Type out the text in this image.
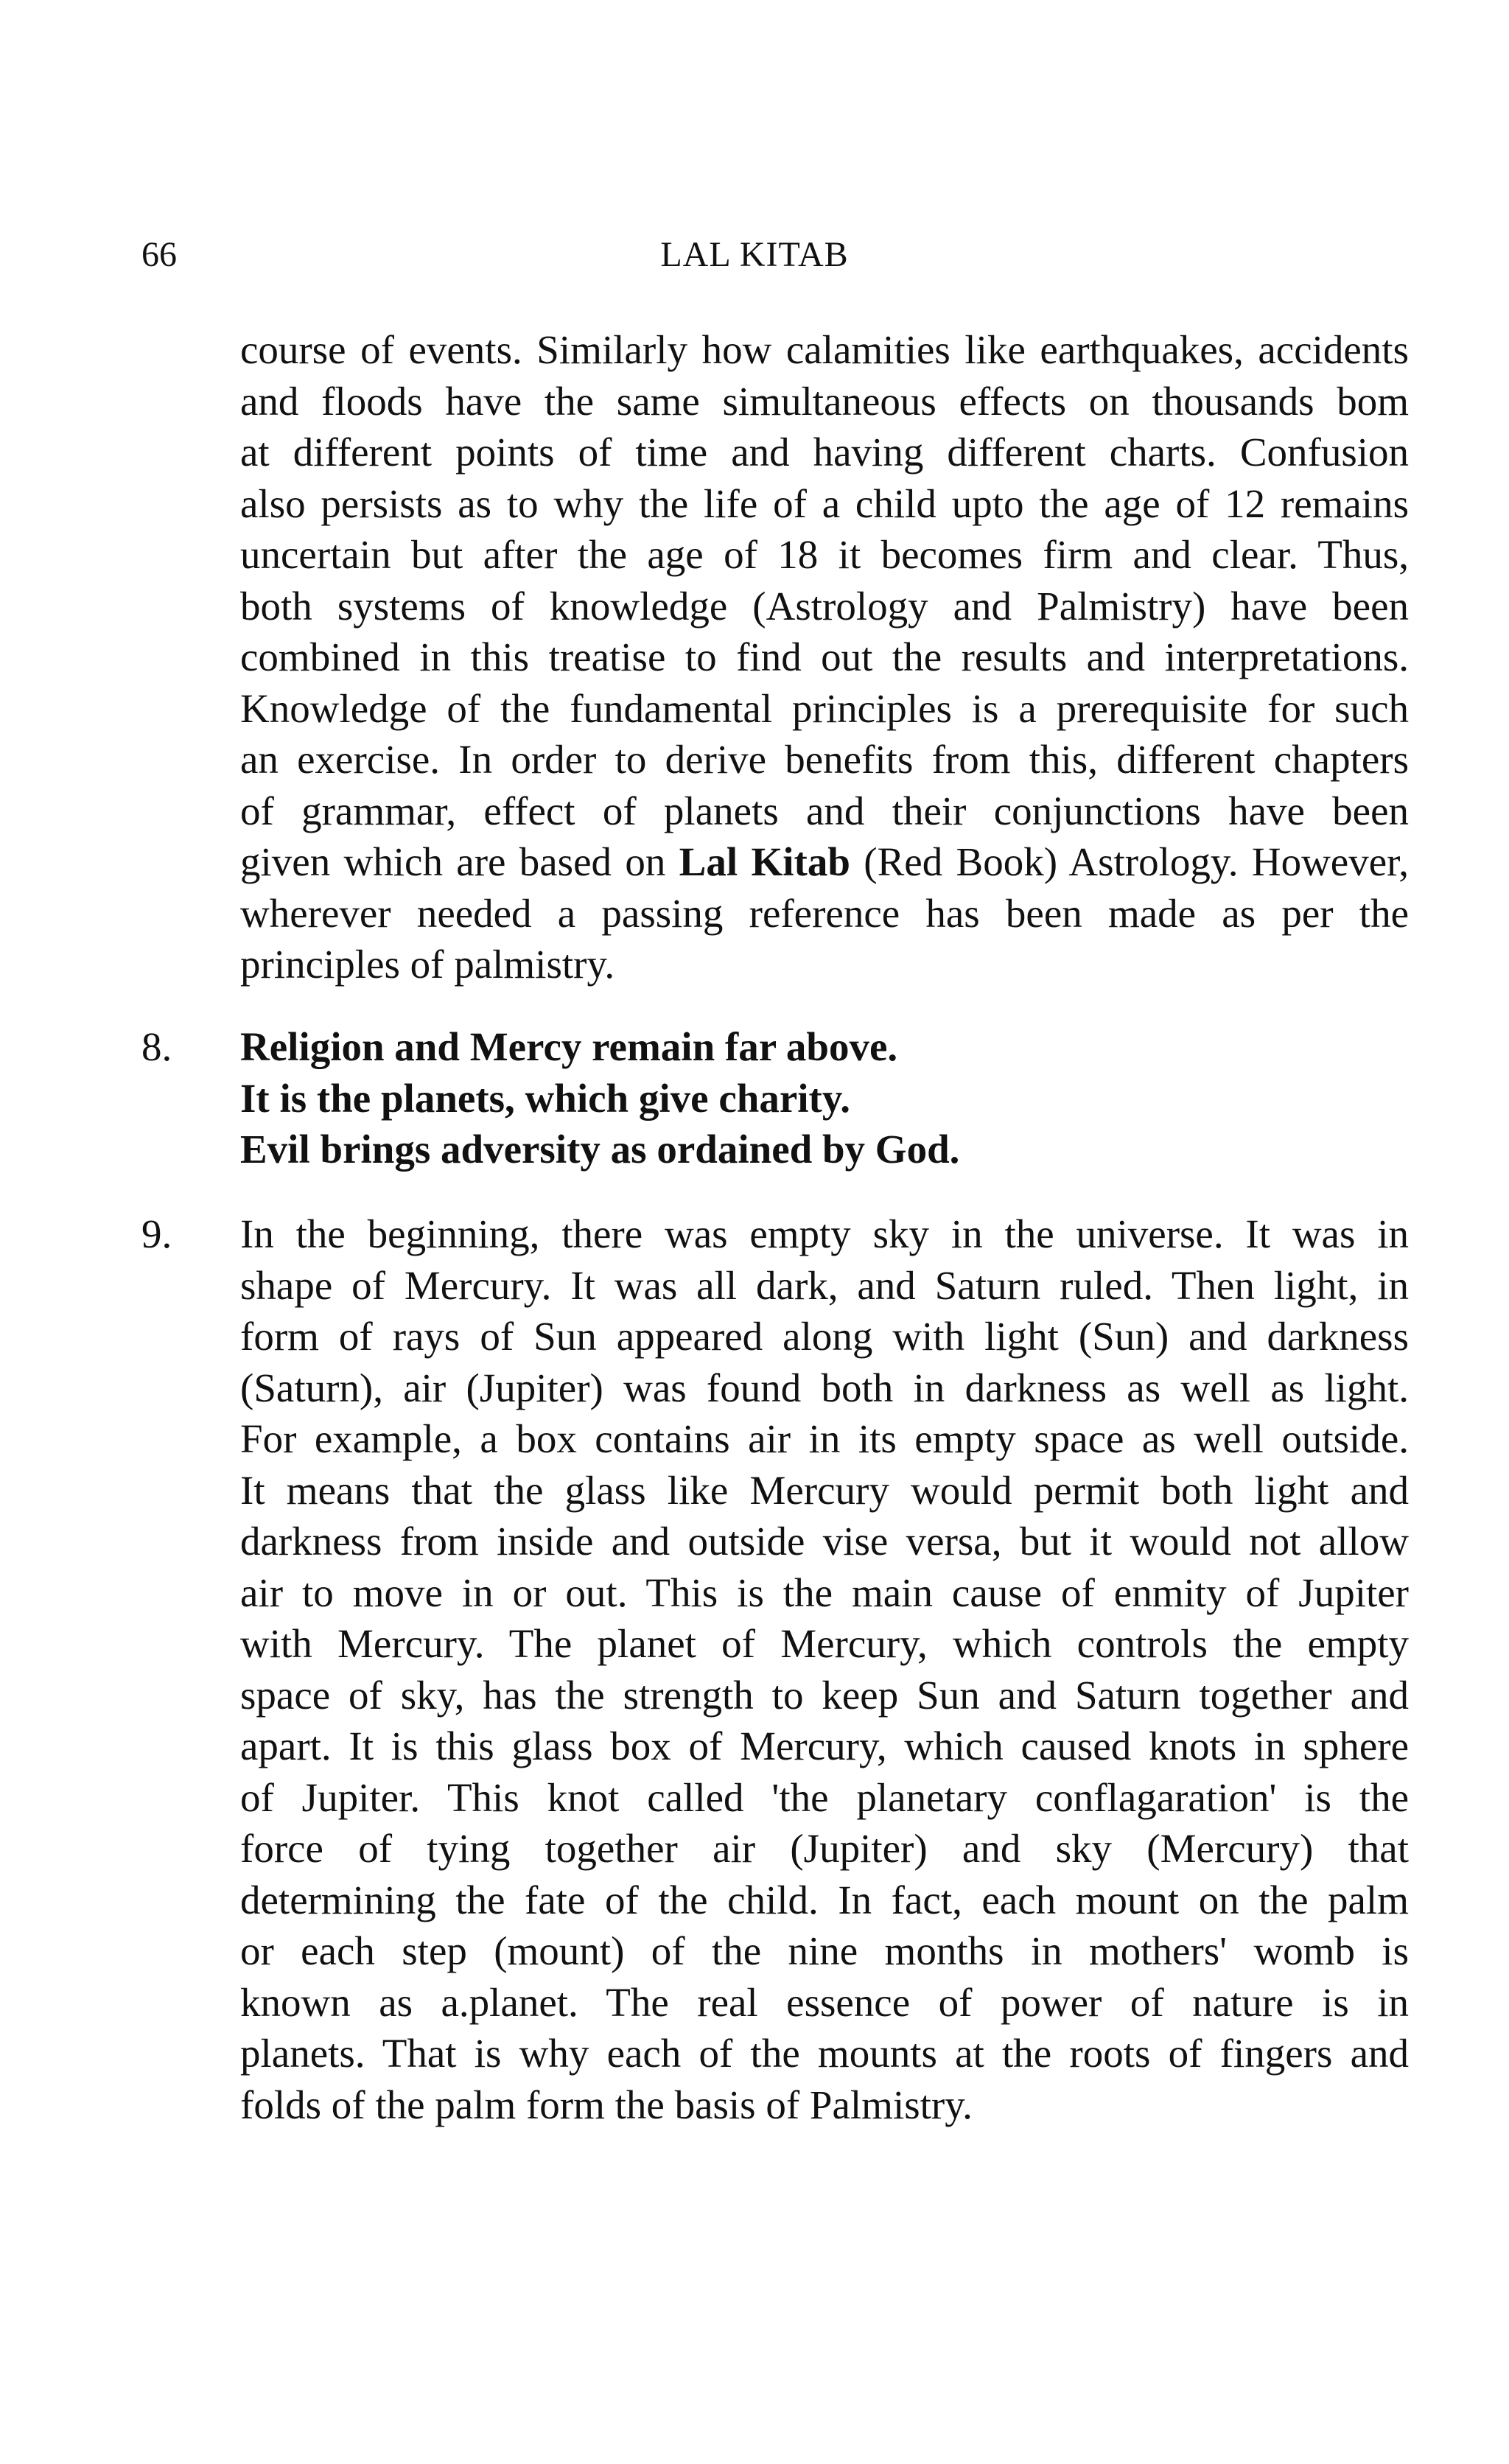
66	LAL KITAB
course of events. Similarly how calamities like earthquakes, accidents
and floods have the same simultaneous effects on thousands bom
at different points of time and having different charts. Confusion
also persists as to why the life of a child upto the age of 12 remains
uncertain but after the age of 18 it becomes firm and clear. Thus,
both systems of knowledge (Astrology and Palmistry) have been
combined in this treatise to find out the results and interpretations.
Knowledge of the fundamental principles is a prerequisite for such
an exercise. In order to derive benefits from this, different chapters
of grammar, effect of planets and their conjunctions have been
given which are based on Lal Kitab (Red Book) Astrology. However,
wherever needed a passing reference has been made as per the
principles of palmistry.
8. Religion and Mercy remain far above.
It is the planets, which give charity.
Evil brings adversity as ordained by God.
9. In the beginning, there was empty sky in the universe. It was in
shape of Mercury. It was all dark, and Saturn ruled. Then light, in
form of rays of Sun appeared along with light (Sun) and darkness
(Saturn), air (Jupiter) was found both in darkness as well as light.
For example, a box contains air in its empty space as well outside.
It means that the glass like Mercury would permit both light and
darkness from inside and outside vise versa, but it would not allow
air to move in or out. This is the main cause of enmity of Jupiter
with Mercury. The planet of Mercury, which controls the empty
space of sky, has the strength to keep Sun and Saturn together and
apart. It is this glass box of Mercury, which caused knots in sphere
of Jupiter. This knot called 'the planetary conflagaration' is the
force of tying together air (Jupiter) and sky (Mercury) that
determining the fate of the child. In fact, each mount on the palm
or each step (mount) of the nine months in mothers' womb is
known as a.planet. The real essence of power of nature is in
planets. That is why each of the mounts at the roots of fingers and
folds of the palm form the basis of Palmistry.
